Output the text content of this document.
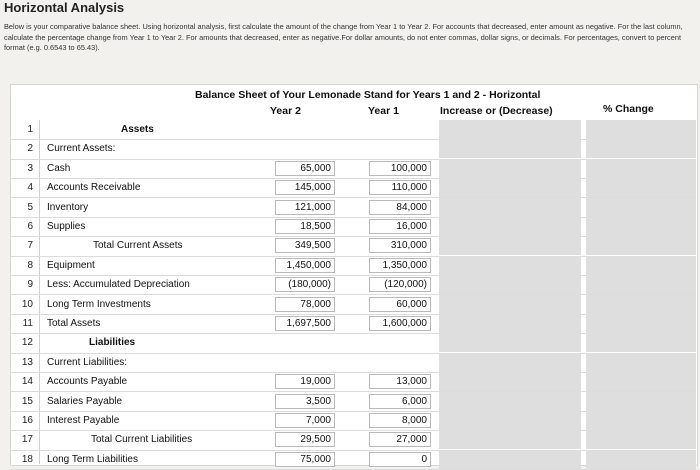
Horizontal Analysis
Below is your comparative balance sheet. Using horizontal analysis, first calculate the amount of the change from Year 1 to Year 2. For accounts that decreased, enter amount as negative. For the last column, calculate the percentage change from Year 1 to Year 2. For amounts that decreased, enter as negative.For dollar amounts, do not enter commas, dollar signs, or decimals. For percentages, convert to percent format (e.g. 0.6543 to 65.43).
Balance Sheet of Your Lemonade Stand for Years 1 and 2 - Horizontal
Year 2	Year 1	Increase or (Decrease)	% Change
1	Assets
2 Current Assets:
3 Cash	65,000	100,000
4 Accounts Receivable	145,000	110,000
5 Inventory	121,000	84,000
6 Supplies	18,500	16,000
7	Total Current Assets	349,500	310,000
8 Equipment	1,450,000	1,350,000
9 Less: Accumulated Depreciation	(180,000)	(120,000)
10 Long Term Investments	78,000	60,000
11 Total Assets	1,697,500	1,600,000
12	Liabilities
13 Current Liabilities:
14 Accounts Payable	19,000	13,000
15 Salaries Payable	3,500	6,000
16 Interest Payable	7,000	8,000
17	Total Current Liabilities	29,500	27,000
18 Long Term Liabilities	75,000	0
